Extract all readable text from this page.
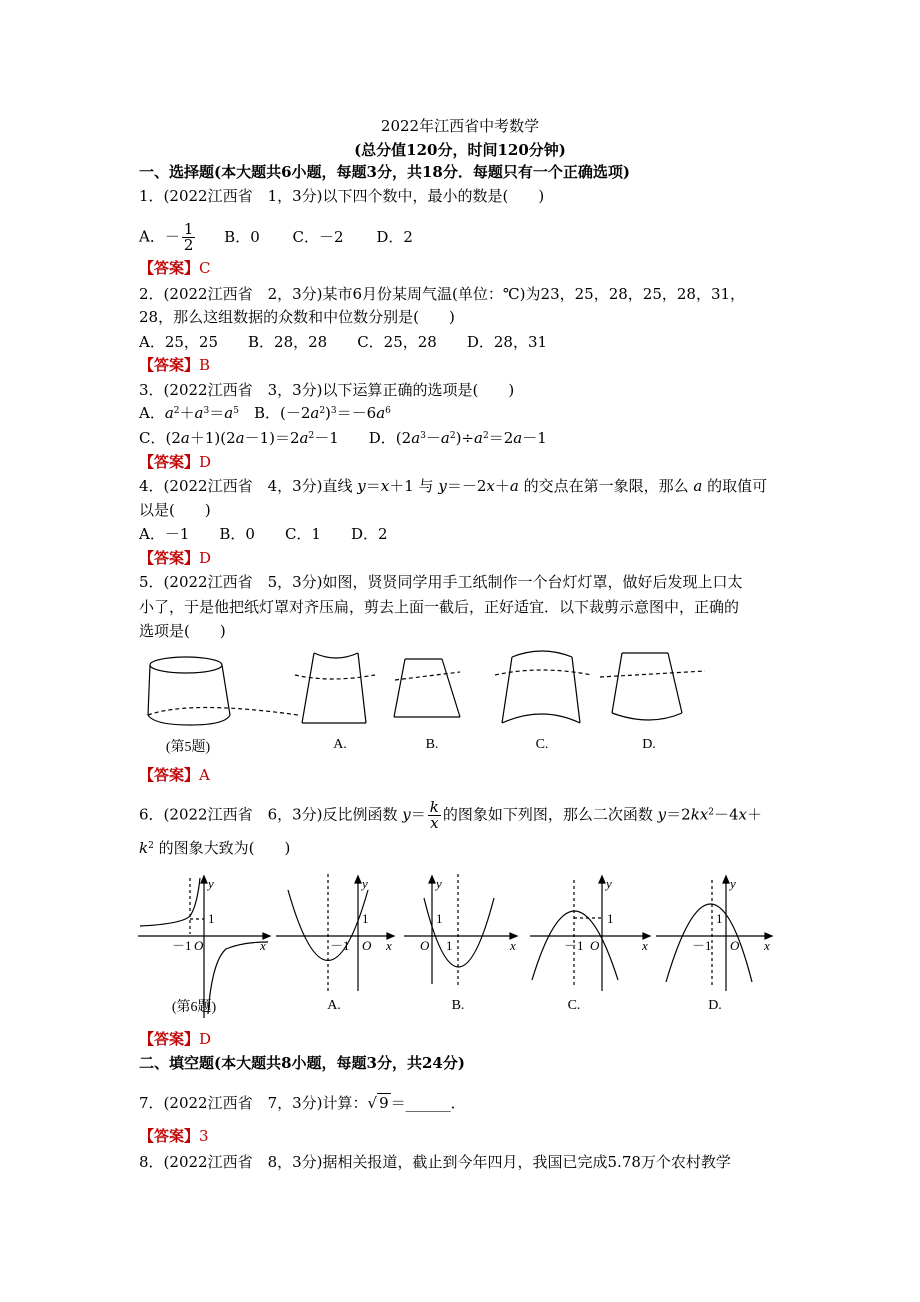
2022年江西省中考数学
(总分值120分，时间120分钟)
一、选择题(本大题共6小题，每题3分，共18分．每题只有一个正确选项)
1．(2022江西省　1，3分)以下四个数中，最小的数是(　　)
A．－ $\frac{1}{2}$ B．0 C．－2 D．2
【答案】C
2．(2022江西省　2，3分)某市6月份某周气温(单位：℃)为23，25，28，25，28，31，
28，那么这组数据的众数和中位数分别是(　　)
A．25，25　　B．28，28　　C．25，28　　D．28，31
【答案】B
3．(2022江西省　3，3分)以下运算正确的选项是(　　)
A．$a^2+a^3=a^5$　B．$(-2a^2)^3=-6a^6$
C．$(2a+1)(2a-1)=2a^2-1$　　D．$(2a^3-a^2)\div a^2=2a-1$
【答案】D
4．(2022江西省　4，3分)直线 y＝x＋1 与 y＝－2x＋a 的交点在第一象限，那么 a 的取值可
以是(　　)
A．－1　　B．0　　C．1　　D．2
【答案】D
5．(2022江西省　5，3分)如图，贤贤同学用手工纸制作一个台灯灯罩，做好后发现上口太
小了，于是他把纸灯罩对齐压扁，剪去上面一截后，正好适宜．以下裁剪示意图中，正确的
选项是(　　)
(第5题)	A.	B.	C.	D.
【答案】A
6．(2022江西省　6，3分)反比例函数 $y= \frac{k}{x}$ 的图象如下列图，那么二次函数 $y=2kx^2-4x+$
$k^2$ 的图象大致为(　　)
y
x
O
－1
1
y
x
O
－1
1
y
x
O 1
1
y
x
O
－1
1
y
x
O
－1
1
(第6题)	A.	B.	C.	D.
【答案】D
二、填空题(本大题共8小题，每题3分，共24分)
7．(2022江西省　7，3分)计算：√ 9 ＝______．
【答案】3
8．(2022江西省　8，3分)据相关报道，截止到今年四月，我国已完成5.78万个农村教学
